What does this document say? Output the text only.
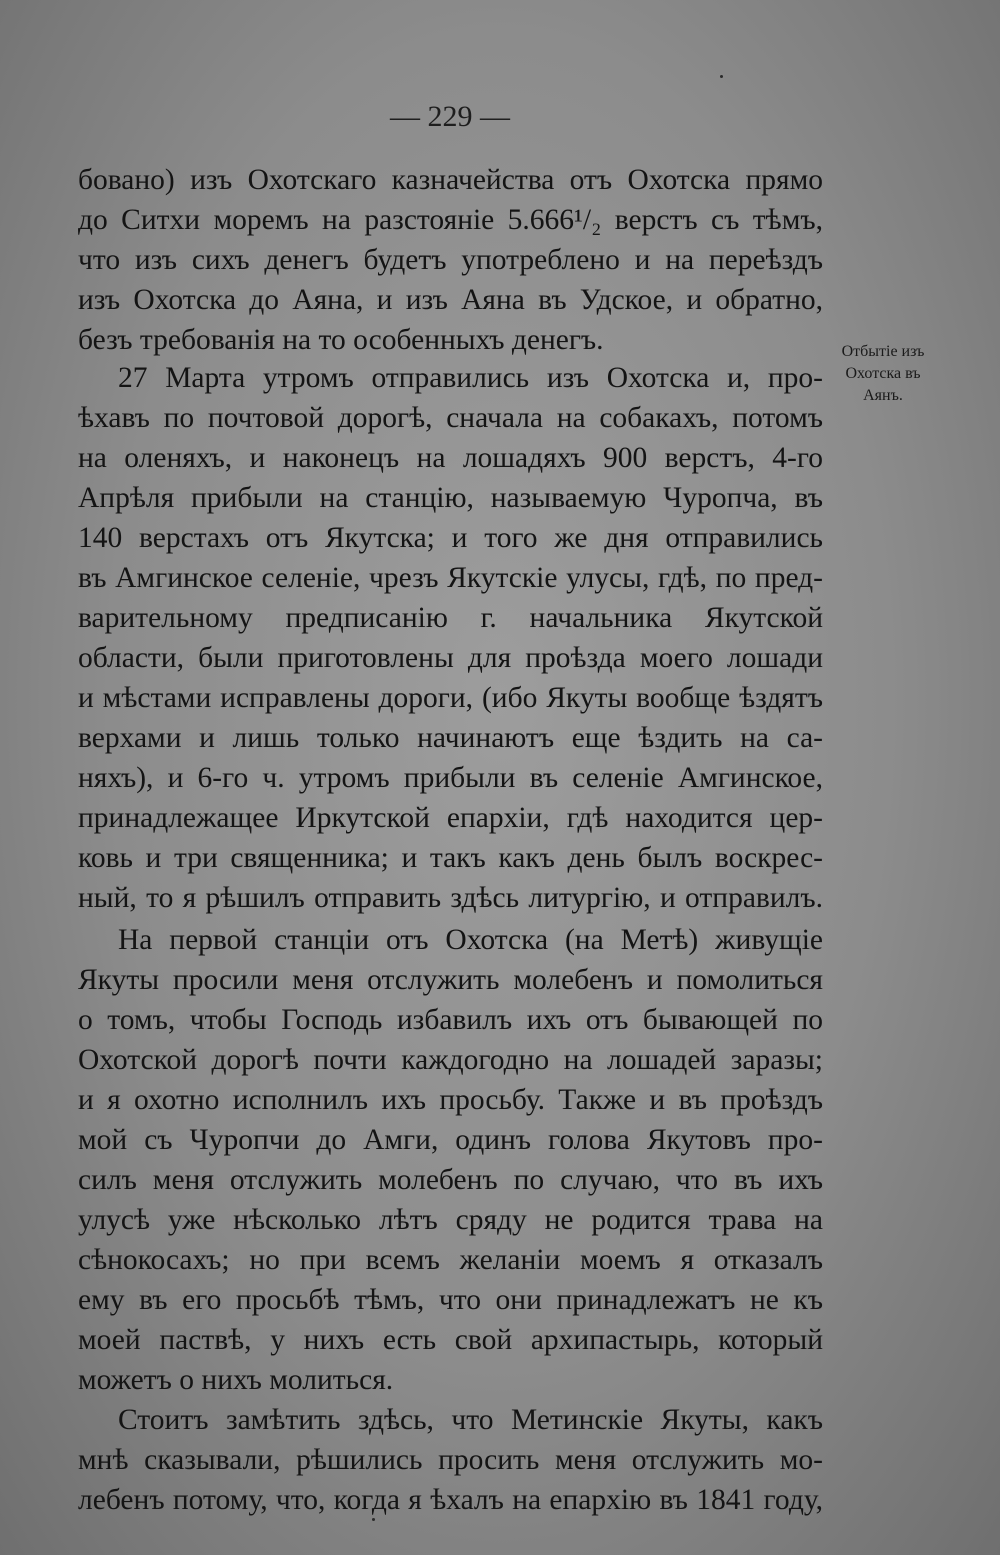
— 229 —
бовано) изъ Охотскаго казначейства отъ Охотска прямо
до Ситхи моремъ на разстояніе 5.666¹/₂ верстъ съ тѣмъ,
что изъ сихъ денегъ будетъ употреблено и на переѣздъ
изъ Охотска до Аяна, и изъ Аяна въ Удское, и обратно,
безъ требованія на то особенныхъ денегъ.
27 Марта утромъ отправились изъ Охотска и, про-
ѣхавъ по почтовой дорогѣ, сначала на собакахъ, потомъ
на оленяхъ, и наконецъ на лошадяхъ 900 верстъ, 4-го
Апрѣля прибыли на станцію, называемую Чуропча, въ
140 верстахъ отъ Якутска; и того же дня отправились
въ Амгинское селеніе, чрезъ Якутскіе улусы, гдѣ, по пред-
варительному предписанію г. начальника Якутской
области, были приготовлены для проѣзда моего лошади
и мѣстами исправлены дороги, (ибо Якуты вообще ѣздятъ
верхами и лишь только начинаютъ еще ѣздить на са-
няхъ), и 6-го ч. утромъ прибыли въ селеніе Амгинское,
принадлежащее Иркутской епархіи, гдѣ находится цер-
ковь и три священника; и такъ какъ день былъ воскрес-
ный, то я рѣшилъ отправить здѣсь литургію, и отправилъ.
На первой станціи отъ Охотска (на Метѣ) живущіе
Якуты просили меня отслужить молебенъ и помолиться
о томъ, чтобы Господь избавилъ ихъ отъ бывающей по
Охотской дорогѣ почти каждогодно на лошадей заразы;
и я охотно исполнилъ ихъ просьбу. Также и въ проѣздъ
мой съ Чуропчи до Амги, одинъ голова Якутовъ про-
силъ меня отслужить молебенъ по случаю, что въ ихъ
улусѣ уже нѣсколько лѣтъ сряду не родится трава на
сѣнокосахъ; но при всемъ желаніи моемъ я отказалъ
ему въ его просьбѣ тѣмъ, что они принадлежатъ не къ
моей паствѣ, у нихъ есть свой архипастырь, который
можетъ о нихъ молиться.
Стоитъ замѣтить здѣсь, что Метинскіе Якуты, какъ
мнѣ сказывали, рѣшились просить меня отслужить мо-
лебенъ потому, что, когда я ѣхалъ на епархію въ 1841 году,
Отбытіе изъ
Охотска въ
Аянъ.
